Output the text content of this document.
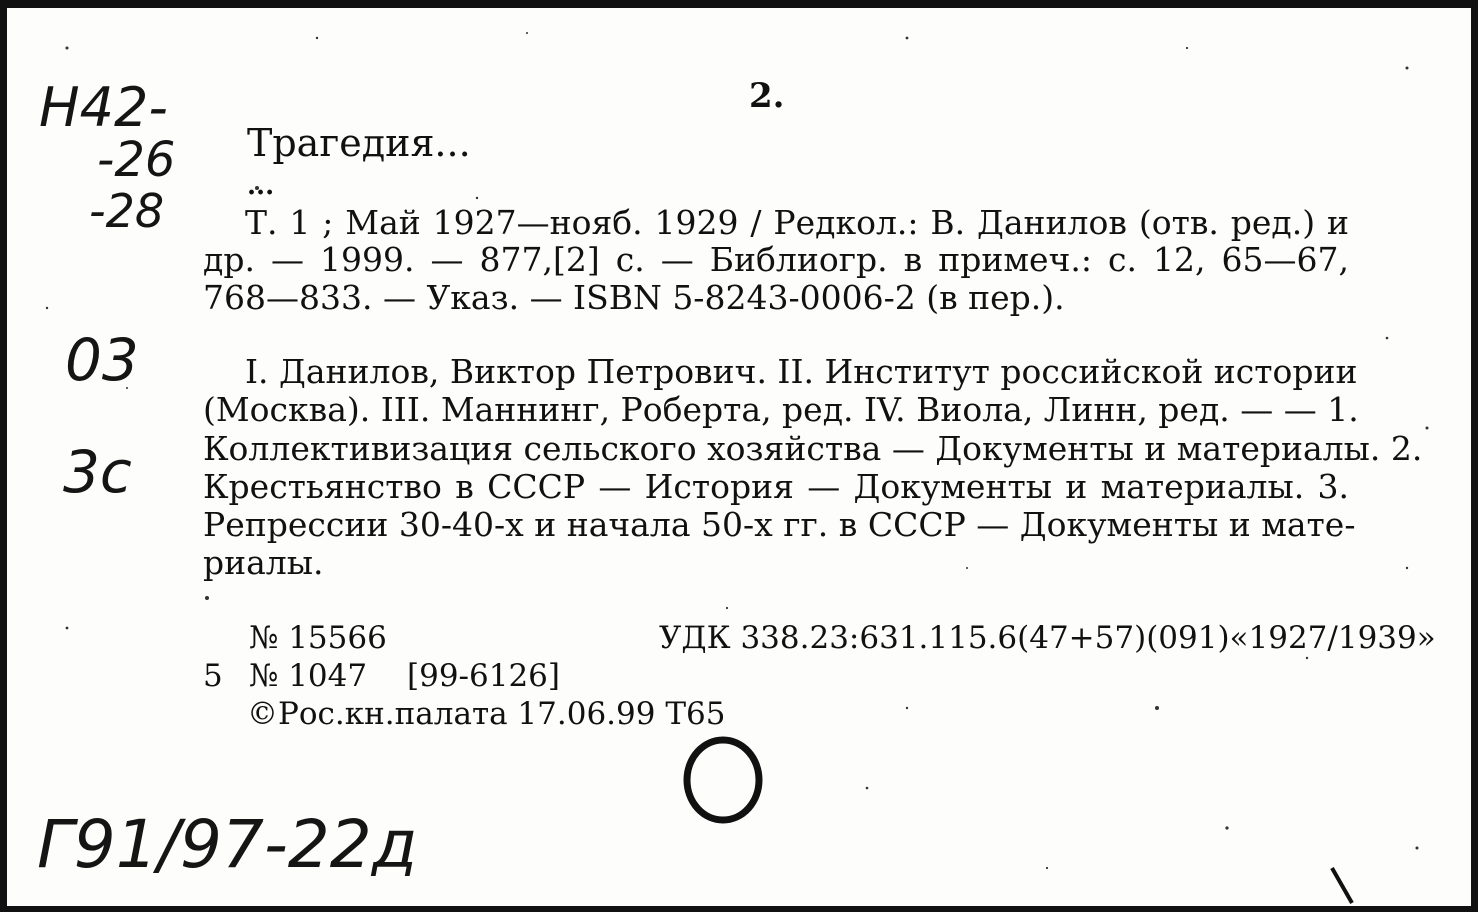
Н42-
-26
-28
03
3с
Г91/97-22д
2.
Трагедия...
...
Т. 1 ; Май 1927—нояб. 1929 / Редкол.: В. Данилов (отв. ред.) и
др. — 1999. — 877,[2] с. — Библиогр. в примеч.: с. 12, 65—67,
768—833. — Указ. — ISBN 5-8243-0006-2 (в пер.).
I. Данилов, Виктор Петрович. II. Институт российской истории
(Москва). III. Маннинг, Роберта, ред. IV. Виола, Линн, ред. — — 1.
Коллективизация сельского хозяйства — Документы и материалы. 2.
Крестьянство в СССР — История — Документы и материалы. 3.
Репрессии 30-40-х и начала 50-х гг. в СССР — Документы и мате-
риалы.
№ 15566	УДК 338.23:631.115.6(47+57)(091)«1927/1939»
5 № 1047 [99-6126]
©Рос.кн.палата 17.06.99 Т65
